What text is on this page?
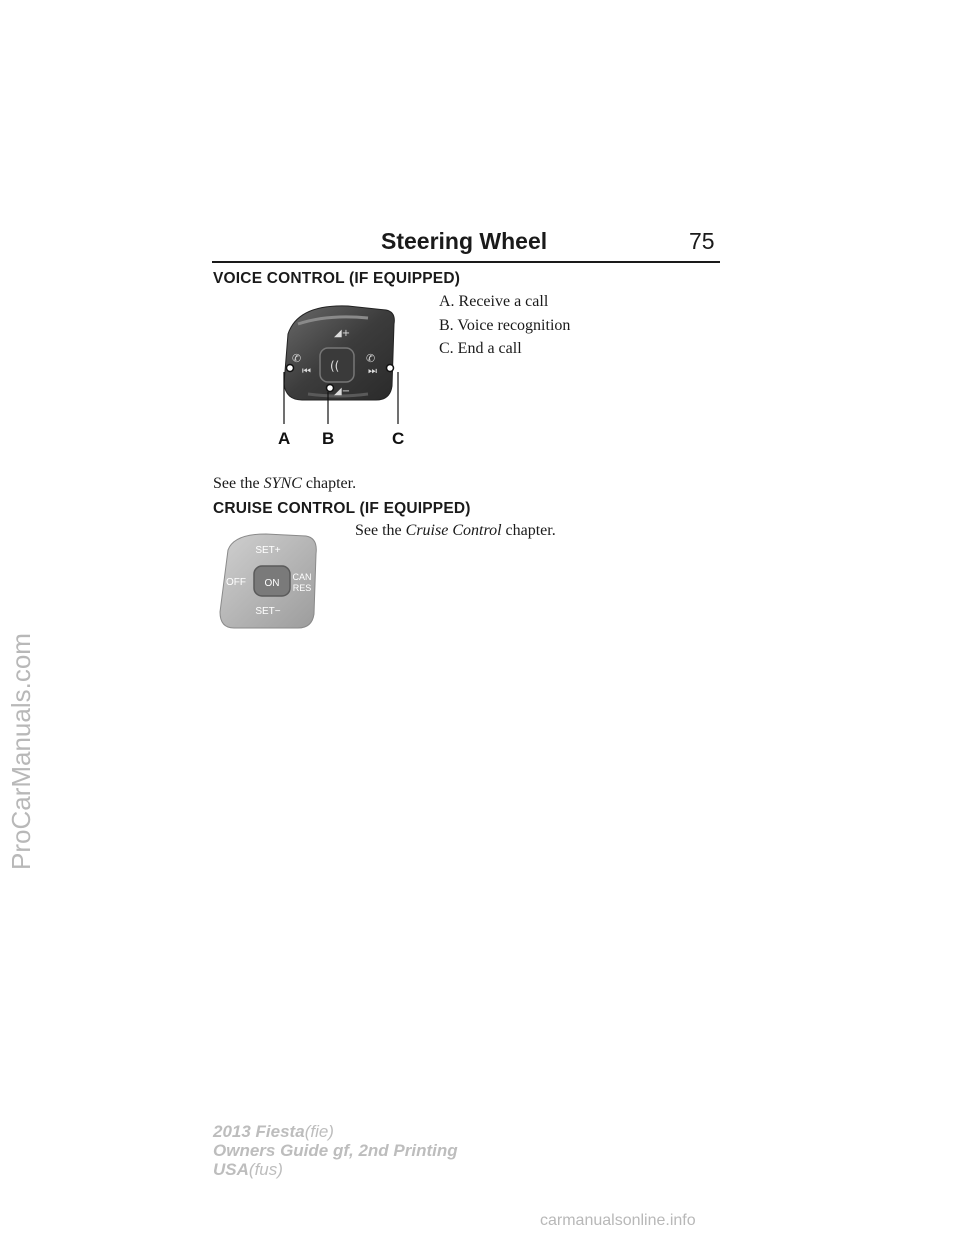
Steering Wheel	75
VOICE CONTROL (IF EQUIPPED)
((
◢+
◢−
✆
⏮
✆
⏭
A B	C
A. Receive a call
B. Voice recognition
C. End a call
See the SYNC chapter.
CRUISE CONTROL (IF EQUIPPED)
ON
SET+
SET−
OFF	CAN
RES
See the Cruise Control chapter.
2013 Fiesta(fie)
Owners Guide gf, 2nd Printing
USA(fus)
ProCarManuals.com
carmanualsonline.info
